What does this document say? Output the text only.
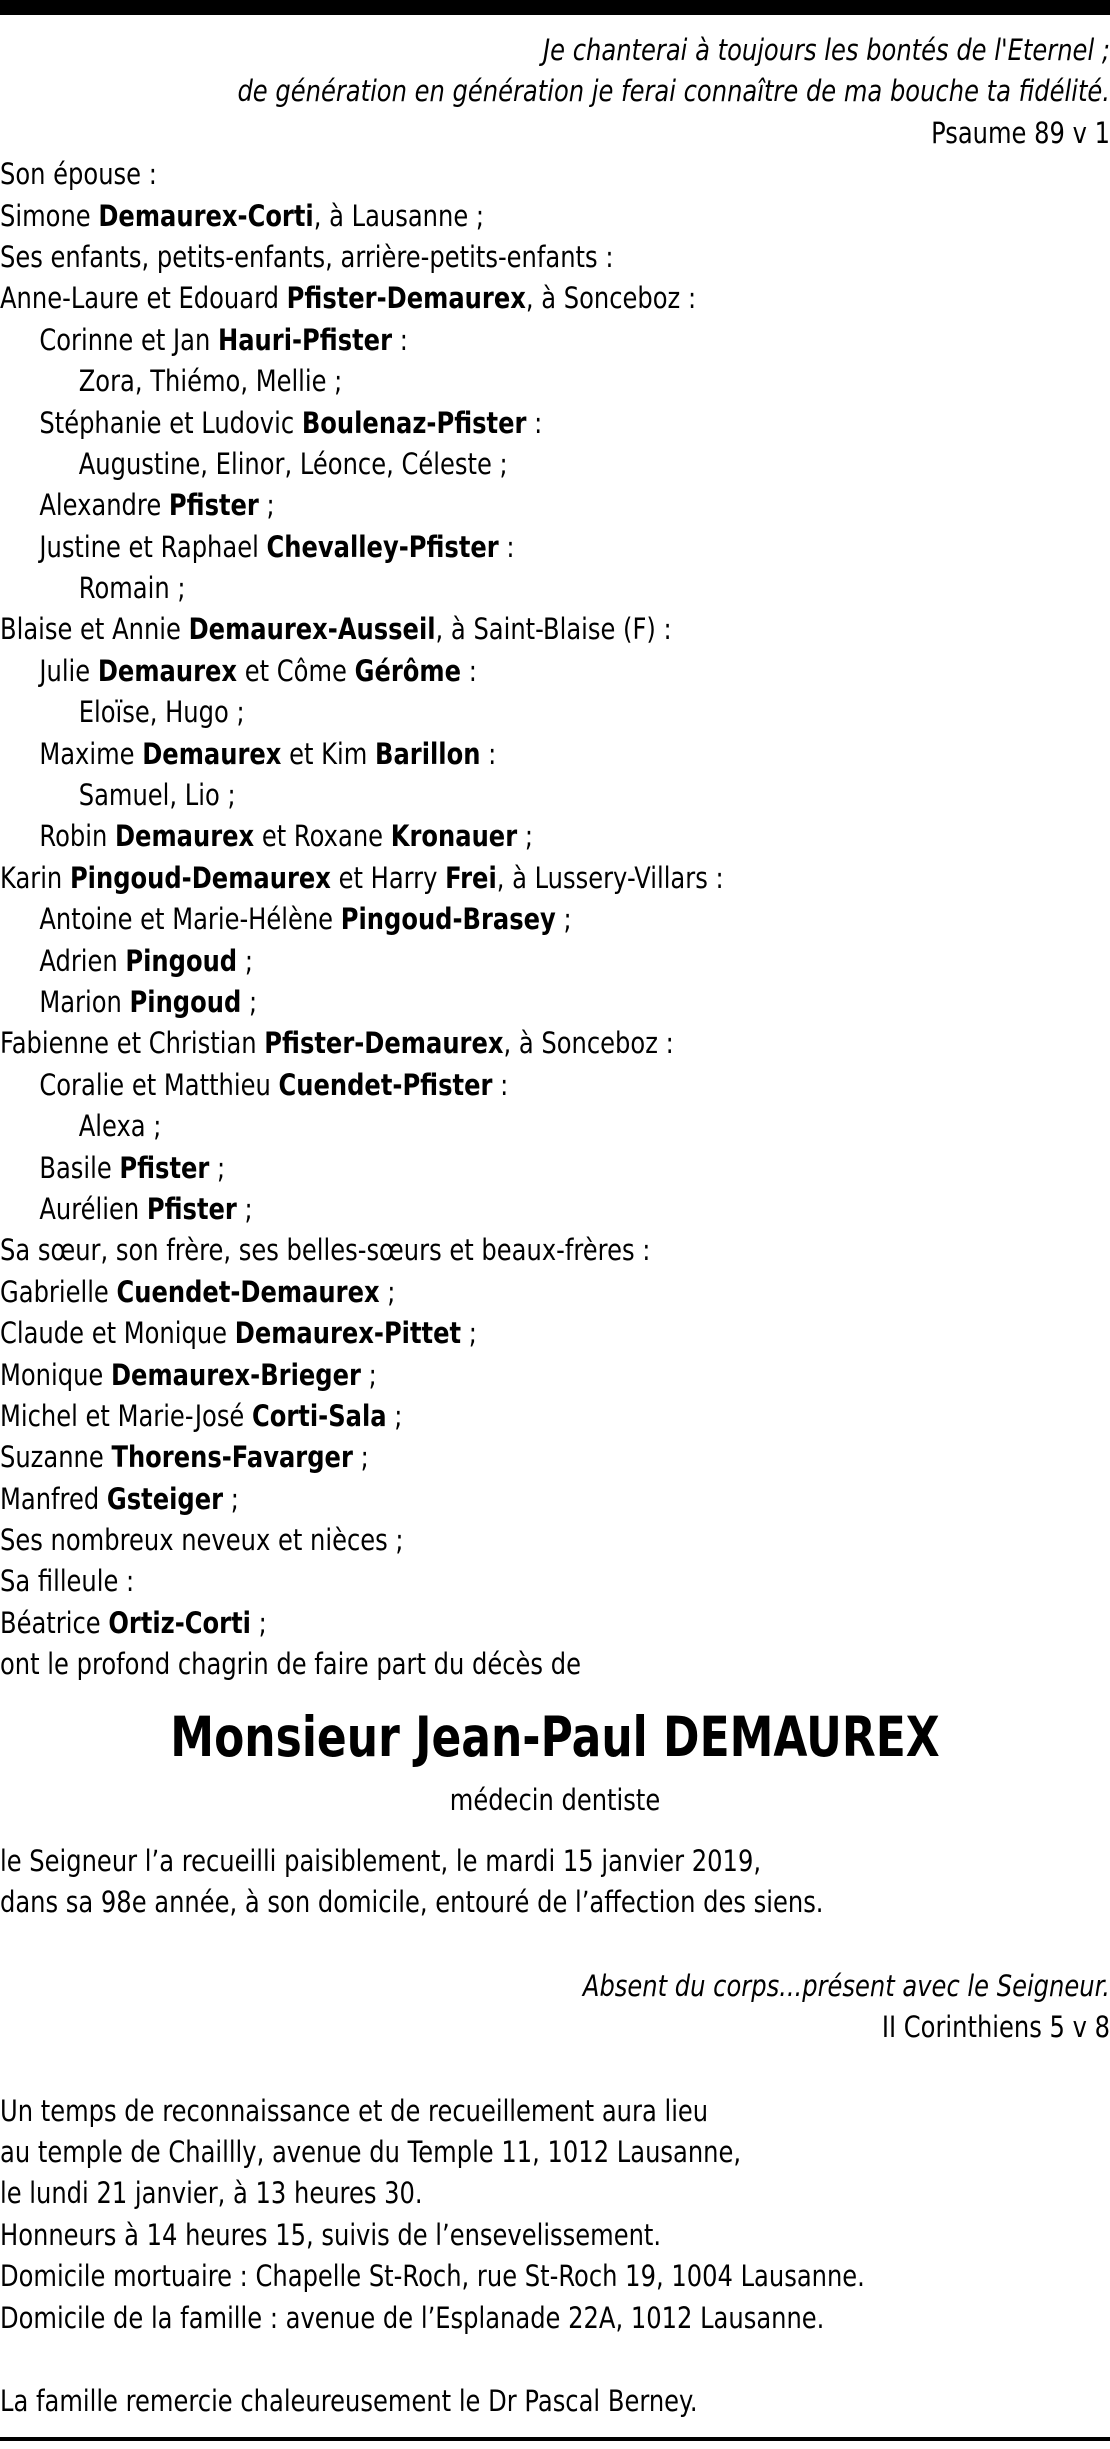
Je chanterai à toujours les bontés de l'Eternel ;
de génération en génération je ferai connaître de ma bouche ta fidélité.
Psaume 89 v 1
Son épouse :
Simone Demaurex-Corti, à Lausanne ;
Ses enfants, petits-enfants, arrière-petits-enfants :
Anne-Laure et Edouard Pfister-Demaurex, à Sonceboz :
Corinne et Jan Hauri-Pfister :
Zora, Thiémo, Mellie ;
Stéphanie et Ludovic Boulenaz-Pfister :
Augustine, Elinor, Léonce, Céleste ;
Alexandre Pfister ;
Justine et Raphael Chevalley-Pfister :
Romain ;
Blaise et Annie Demaurex-Ausseil, à Saint-Blaise (F) :
Julie Demaurex et Côme Gérôme :
Eloïse, Hugo ;
Maxime Demaurex et Kim Barillon :
Samuel, Lio ;
Robin Demaurex et Roxane Kronauer ;
Karin Pingoud-Demaurex et Harry Frei, à Lussery-Villars :
Antoine et Marie-Hélène Pingoud-Brasey ;
Adrien Pingoud ;
Marion Pingoud ;
Fabienne et Christian Pfister-Demaurex, à Sonceboz :
Coralie et Matthieu Cuendet-Pfister :
Alexa ;
Basile Pfister ;
Aurélien Pfister ;
Sa sœur, son frère, ses belles-sœurs et beaux-frères :
Gabrielle Cuendet-Demaurex ;
Claude et Monique Demaurex-Pittet ;
Monique Demaurex-Brieger ;
Michel et Marie-José Corti-Sala ;
Suzanne Thorens-Favarger ;
Manfred Gsteiger ;
Ses nombreux neveux et nièces ;
Sa filleule :
Béatrice Ortiz-Corti ;
ont le profond chagrin de faire part du décès de
Monsieur Jean-Paul DEMAUREX
médecin dentiste
le Seigneur l’a recueilli paisiblement, le mardi 15 janvier 2019,
dans sa 98e année, à son domicile, entouré de l’affection des siens.
Absent du corps...présent avec le Seigneur.
II Corinthiens 5 v 8
Un temps de reconnaissance et de recueillement aura lieu
au temple de Chaillly, avenue du Temple 11, 1012 Lausanne,
le lundi 21 janvier, à 13 heures 30.
Honneurs à 14 heures 15, suivis de l’ensevelissement.
Domicile mortuaire : Chapelle St-Roch, rue St-Roch 19, 1004 Lausanne.
Domicile de la famille : avenue de l’Esplanade 22A, 1012 Lausanne.
La famille remercie chaleureusement le Dr Pascal Berney.
